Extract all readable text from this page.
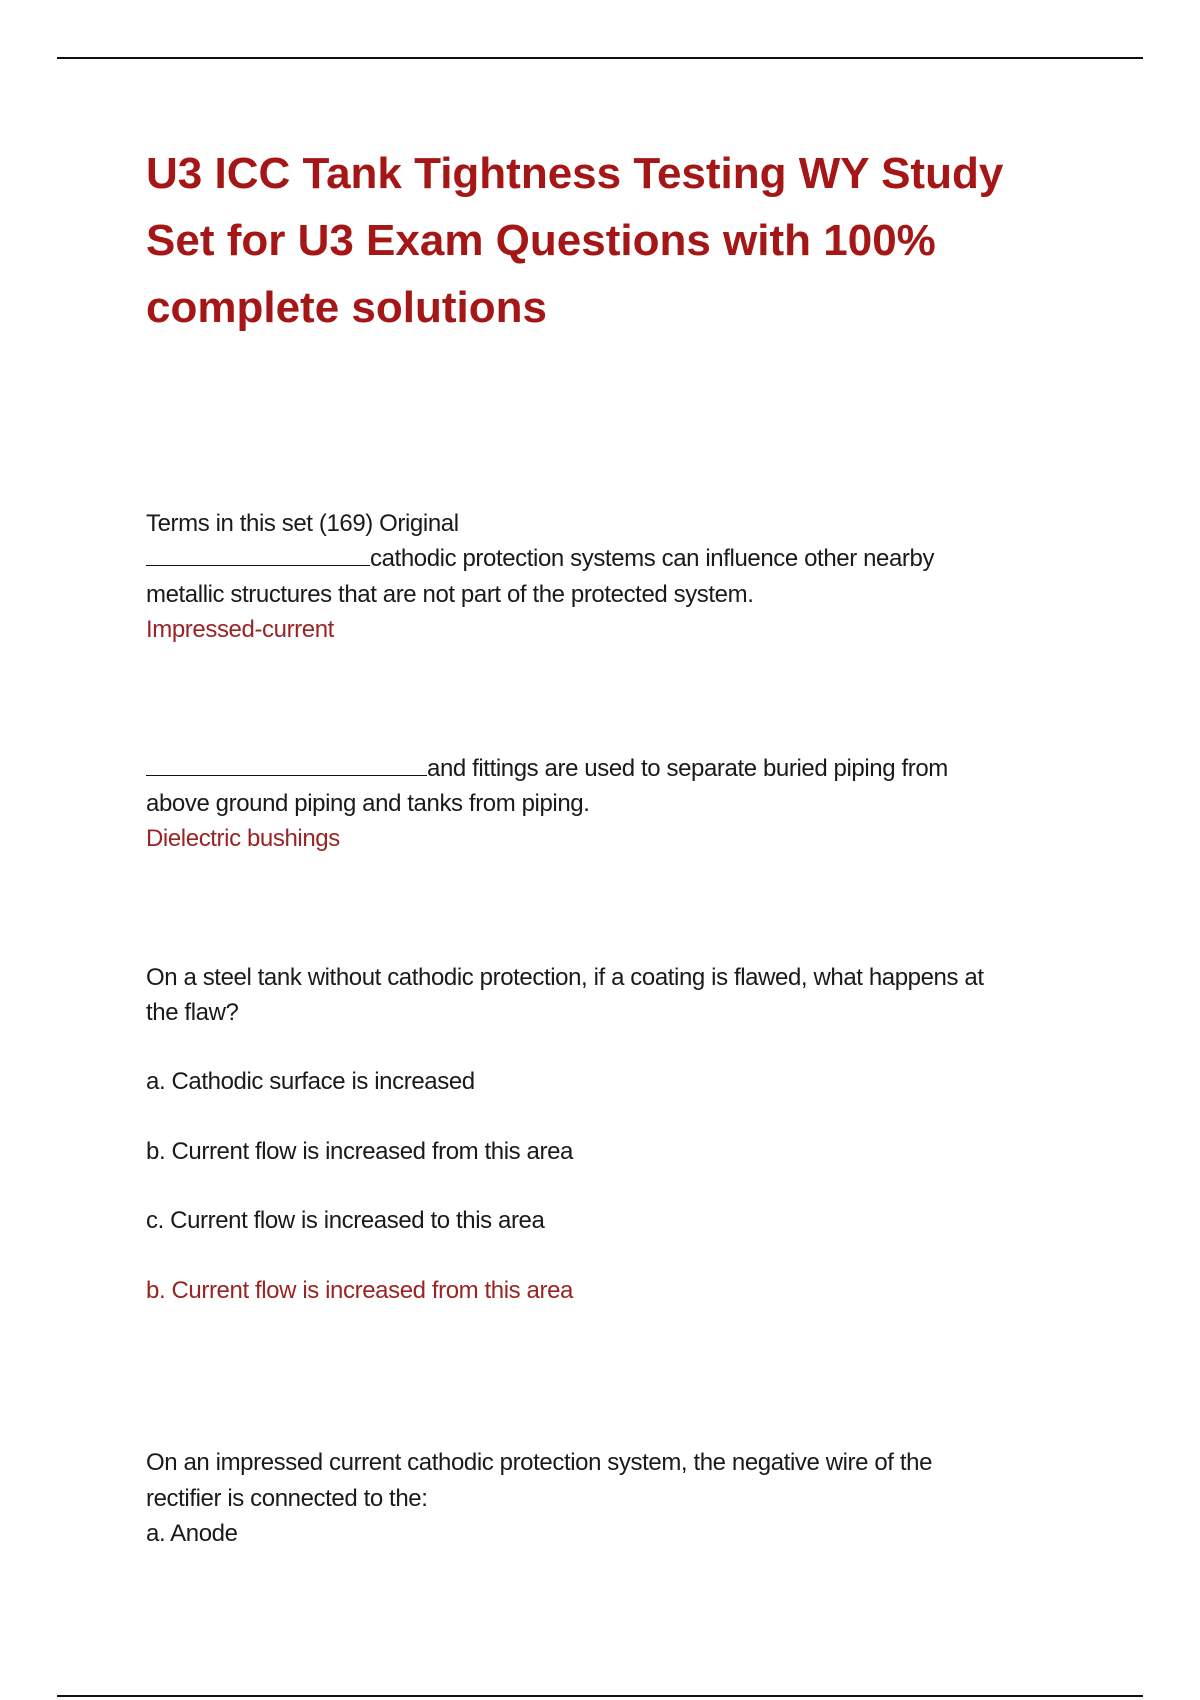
U3 ICC Tank Tightness Testing WY Study Set for U3 Exam Questions with 100% complete solutions
Terms in this set (169) Original
cathodic protection systems can influence other nearby
metallic structures that are not part of the protected system.
Impressed-current
and fittings are used to separate buried piping from
above ground piping and tanks from piping.
Dielectric bushings
On a steel tank without cathodic protection, if a coating is flawed, what happens at
the flaw?
a. Cathodic surface is increased
b. Current flow is increased from this area
c. Current flow is increased to this area
b. Current flow is increased from this area
On an impressed current cathodic protection system, the negative wire of the
rectifier is connected to the:
a. Anode
